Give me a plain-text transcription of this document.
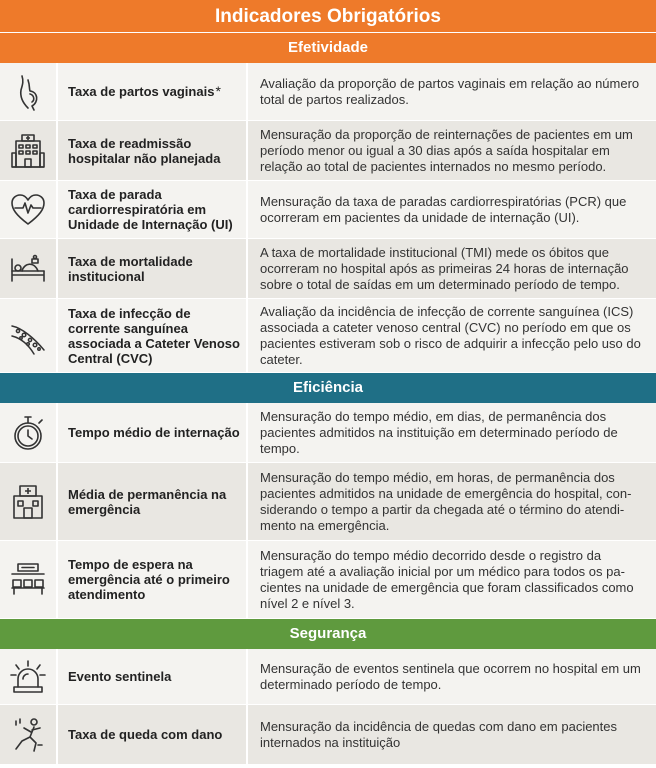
Indicadores Obrigatórios
Efetividade
Taxa de partos vaginais *	Avaliação da proporção de partos vaginais em relação ao número total de partos realizados.
Taxa de readmissão hospitalar não planejada
Mensuração da proporção de reinternações de pacientes em um período menor ou igual a 30 dias após a saída hospitalar em relação ao total de pacientes internados no mesmo período.
Taxa de parada cardiorrespiratória em Unidade de Internação (UI)
Mensuração da taxa de paradas cardiorrespiratórias (PCR) que ocorreram em pacientes da unidade de internação (UI).
Taxa de mortalidade institucional
A taxa de mortalidade institucional (TMI) mede os óbitos que ocorreram no hospital após as primeiras 24 horas de internação sobre o total de saídas em um determinado período de tempo.
Taxa de infecção de corrente sanguínea associada a Cateter Venoso Central (CVC)
Avaliação da incidência de infecção de corrente sanguínea (ICS) associada a cateter venoso central (CVC) no período em que os pacientes estiveram sob o risco de adquirir a infecção pelo uso do cateter.
Eficiência
Tempo médio de internação
Mensuração do tempo médio, em dias, de permanência dos pacientes admitidos na instituição em determinado período de tempo.
Média de permanência na emergência
Mensuração do tempo médio, em horas, de permanência dos pacientes admitidos na unidade de emergência do hospital, considerando o tempo a partir da chegada até o término do atendimento na emergência.
Tempo de espera na emergência até o primeiro atendimento
Mensuração do tempo médio decorrido desde o registro da triagem até a avaliação inicial por um médico para todos os pacientes na unidade de emergência que foram classificados como nível 2 e nível 3.
Segurança
Evento sentinela
Mensuração de eventos sentinela que ocorrem no hospital em um determinado período de tempo.
Taxa de queda com dano
Mensuração da incidência de quedas com dano em pacientes internados na instituição
